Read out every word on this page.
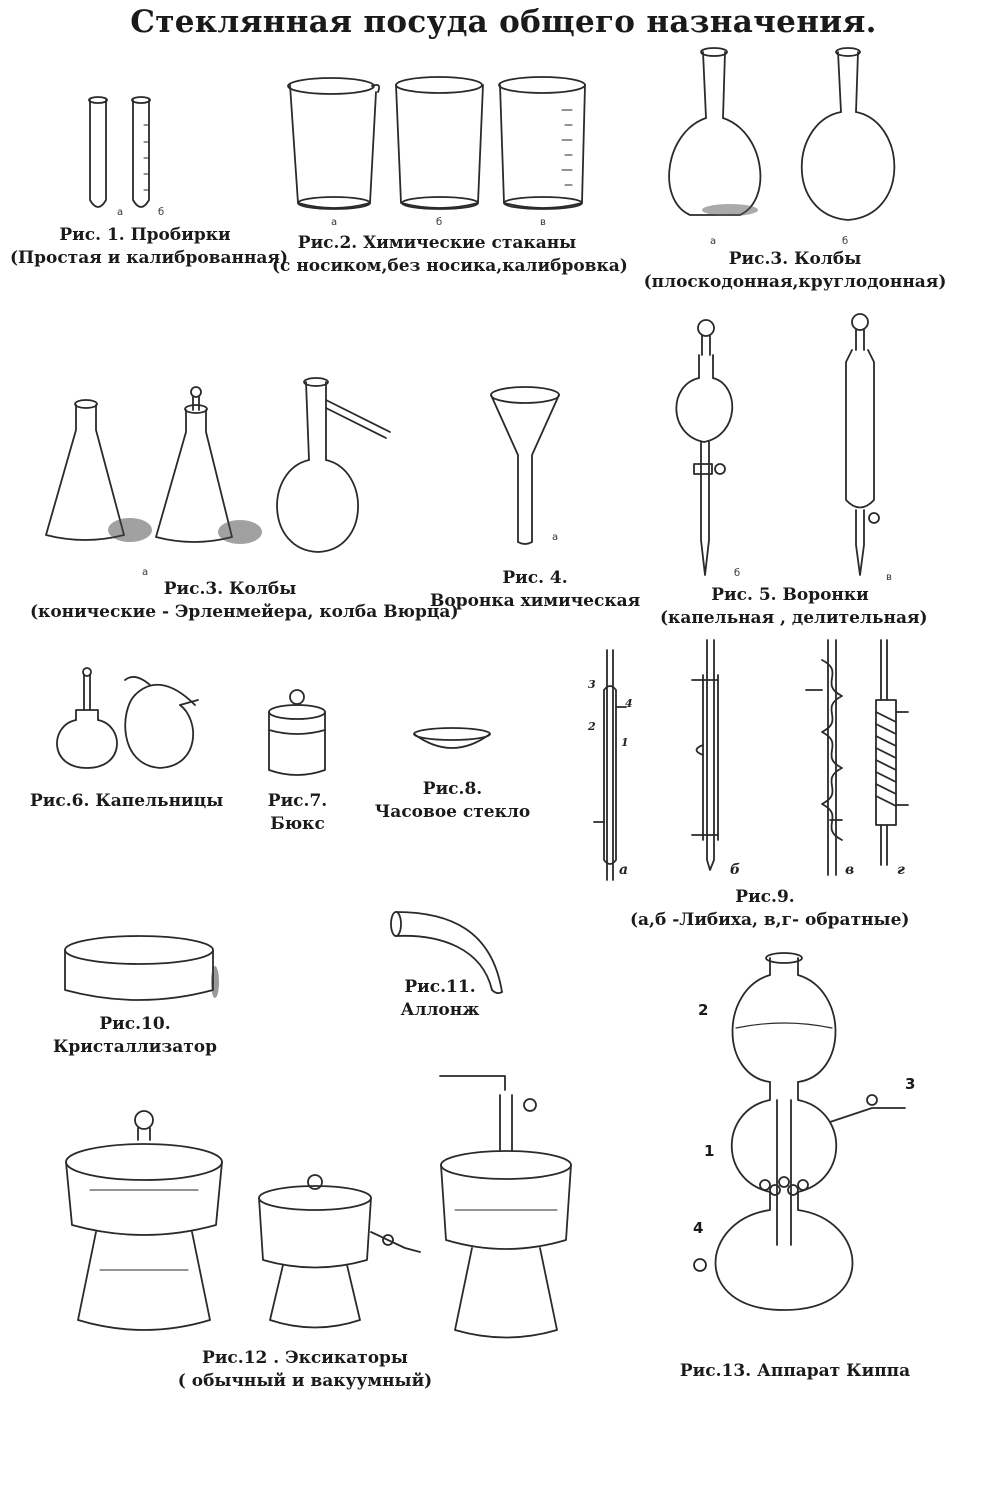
Стеклянная посуда общего назначения.
а	б
Рис. 1. Пробирки
(Простая и калиброванная)
а	б	в
Рис.2. Химические стаканы
(с носиком,без носика,калибровка)
а	б
Рис.3. Колбы
(плоскодонная,круглодонная)
а
Рис.3. Колбы
(конические - Эрленмейера, колба Вюрца)
а
Рис. 4.
Воронка химическая
б	в
Рис. 5. Воронки
(капельная , делительная)
Рис.6. Капельницы	Рис.7.
Бюкс
Рис.8.
Часовое стекло
3
4
2
1
а	б	в	г
Рис.9.
(а,б -Либиха, в,г- обратные)
Рис.10.
Кристаллизатор
Рис.11.
Аллонж
Рис.12 . Эксикаторы
( обычный и вакуумный)
2
3
1
4
Рис.13. Аппарат Киппа
